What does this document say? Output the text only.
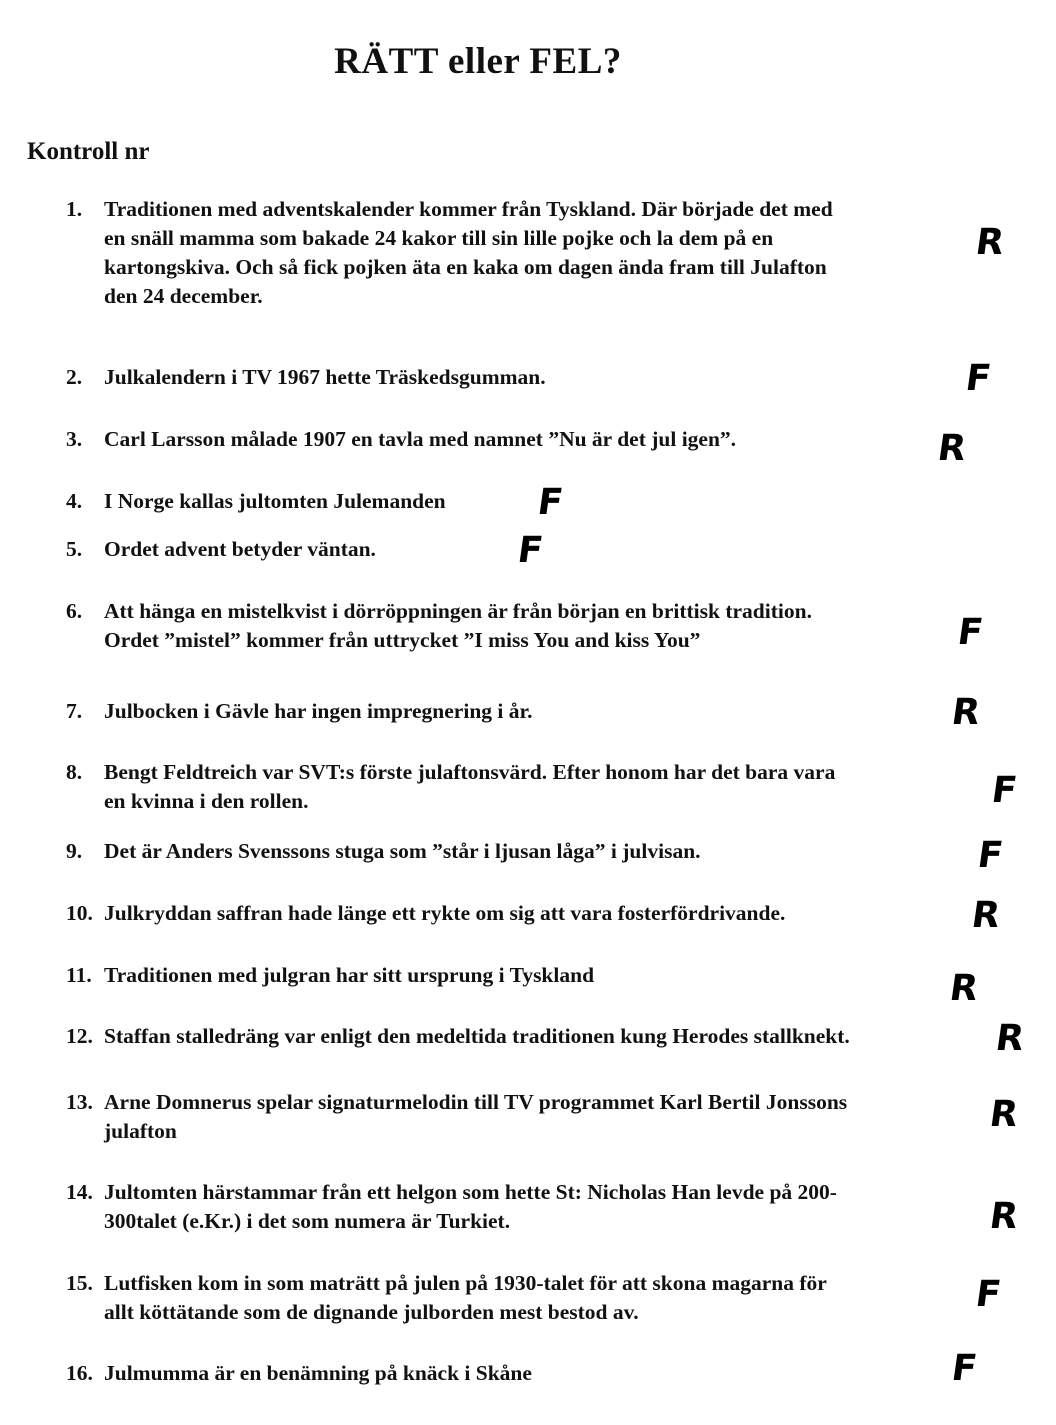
RÄTT eller FEL?
Kontroll nr
1. Traditionen med adventskalender kommer från Tyskland. Där började det med
en snäll mamma som bakade 24 kakor till sin lille pojke och la dem på en
kartongskiva. Och så fick pojken äta en kaka om dagen ända fram till Julafton
den 24 december.
R
2. Julkalendern i TV 1967 hette Träskedsgumman.	F
3. Carl Larsson målade 1907 en tavla med namnet ”Nu är det jul igen”.	R
4. I Norge kallas jultomten Julemanden F
5. Ordet advent betyder väntan.	F
6. Att hänga en mistelkvist i dörröppningen är från början en brittisk tradition.
Ordet ”mistel” kommer från uttrycket ”I miss You and kiss You”	F
7. Julbocken i Gävle har ingen impregnering i år.	R
8. Bengt Feldtreich var SVT:s förste julaftonsvärd. Efter honom har det bara vara
en kvinna i den rollen.	F
9. Det är Anders Svenssons stuga som ”står i ljusan låga” i julvisan.	F
10. Julkryddan saffran hade länge ett rykte om sig att vara fosterfördrivande.	R
11. Traditionen med julgran har sitt ursprung i Tyskland	R
12. Staffan stalledräng var enligt den medeltida traditionen kung Herodes stallknekt.	R
13. Arne Domnerus spelar signaturmelodin till TV programmet Karl Bertil Jonssons
julafton	R
14. Jultomten härstammar från ett helgon som hette St: Nicholas Han levde på 200-
300talet (e.Kr.) i det som numera är Turkiet.	R
15. Lutfisken kom in som maträtt på julen på 1930-talet för att skona magarna för
allt köttätande som de dignande julborden mest bestod av.	F
16. Julmumma är en benämning på knäck i Skåne	F
